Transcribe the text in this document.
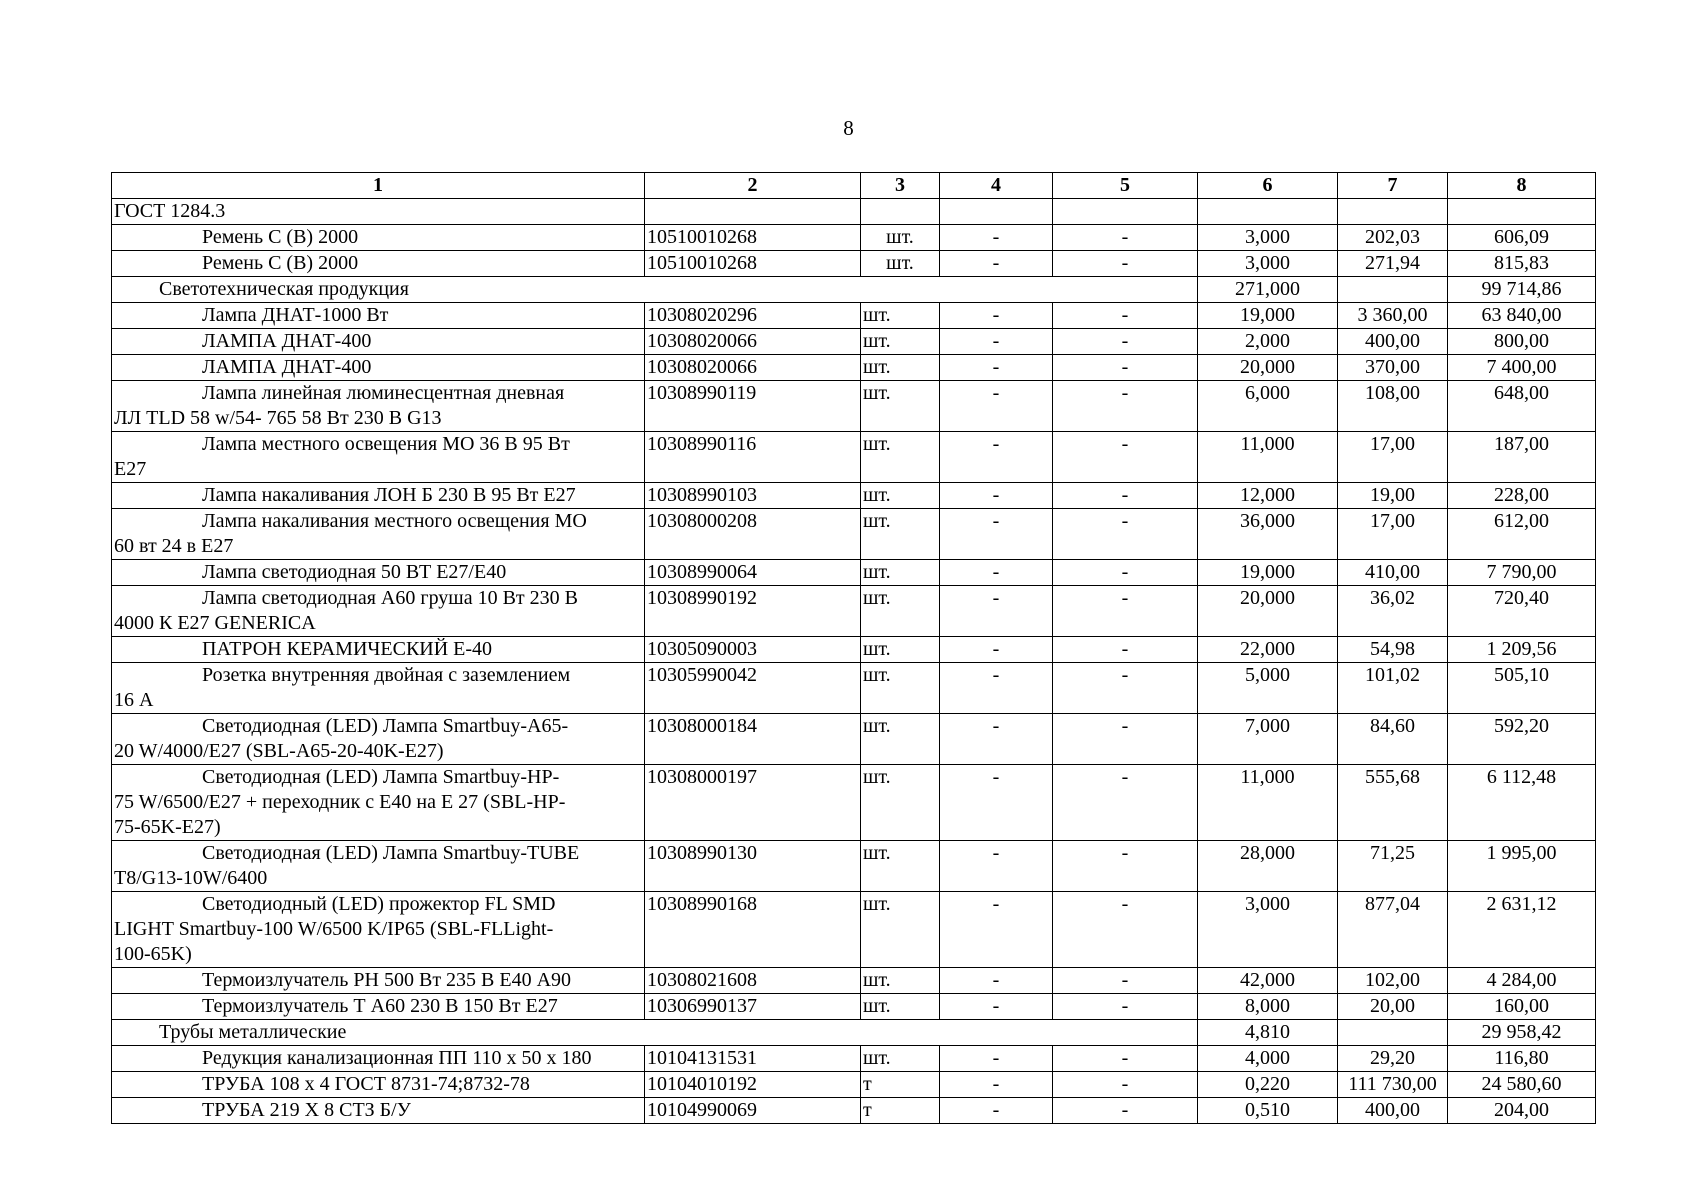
8
1	2	3	4	5	6	7	8
ГОСТ 1284.3							
Ремень С (В) 2000	10510010268	шт.	-	-	3,000	202,03	606,09
Ремень С (В) 2000	10510010268	шт.	-	-	3,000	271,94	815,83
Светотехническая продукция					271,000		99 714,86
Лампа ДНАТ-1000 Вт	10308020296	шт.	-	-	19,000	3 360,00	63 840,00
ЛАМПА ДНАТ-400	10308020066	шт.	-	-	2,000	400,00	800,00
ЛАМПА ДНАТ-400	10308020066	шт.	-	-	20,000	370,00	7 400,00
Лампа линейная люминесцентная дневная
ЛЛ TLD 58 w/54- 765 58 Вт 230 В G13	10308990119	шт.	-	-	6,000	108,00	648,00
Лампа местного освещения МО 36 В 95 Вт
Е27	10308990116	шт.	-	-	11,000	17,00	187,00
Лампа накаливания ЛОН Б 230 В 95 Вт Е27	10308990103	шт.	-	-	12,000	19,00	228,00
Лампа накаливания местного освещения МО
60 вт 24 в Е27	10308000208	шт.	-	-	36,000	17,00	612,00
Лампа светодиодная 50 ВТ Е27/Е40	10308990064	шт.	-	-	19,000	410,00	7 790,00
Лампа светодиодная А60 груша 10 Вт 230 В
4000 К Е27 GENERICA	10308990192	шт.	-	-	20,000	36,02	720,40
ПАТРОН КЕРАМИЧЕСКИЙ Е-40	10305090003	шт.	-	-	22,000	54,98	1 209,56
Розетка внутренняя двойная с заземлением
16 А	10305990042	шт.	-	-	5,000	101,02	505,10
Светодиодная (LED) Лампа Smartbuy-A65-
20 W/4000/E27 (SBL-A65-20-40K-E27)	10308000184	шт.	-	-	7,000	84,60	592,20
Светодиодная (LED) Лампа Smartbuy-HP-
75 W/6500/E27 + переходник с Е40 на Е 27 (SBL-HP-
75-65K-E27)	10308000197	шт.	-	-	11,000	555,68	6 112,48
Светодиодная (LED) Лампа Smartbuy-TUBE
T8/G13-10W/6400	10308990130	шт.	-	-	28,000	71,25	1 995,00
Светодиодный (LED) прожектор FL SMD
LIGHT Smartbuy-100 W/6500 K/IP65 (SBL-FLLight-
100-65K)	10308990168	шт.	-	-	3,000	877,04	2 631,12
Термоизлучатель РН 500 Вт 235 В Е40 А90	10308021608	шт.	-	-	42,000	102,00	4 284,00
Термоизлучатель Т А60 230 В 150 Вт Е27	10306990137	шт.	-	-	8,000	20,00	160,00
Трубы металлические					4,810		29 958,42
Редукция канализационная ПП 110 х 50 х 180	10104131531	шт.	-	-	4,000	29,20	116,80
ТРУБА 108 х 4 ГОСТ 8731-74;8732-78	10104010192	т	-	-	0,220	111 730,00	24 580,60
ТРУБА 219 Х 8 СТЗ Б/У	10104990069	т	-	-	0,510	400,00	204,00
